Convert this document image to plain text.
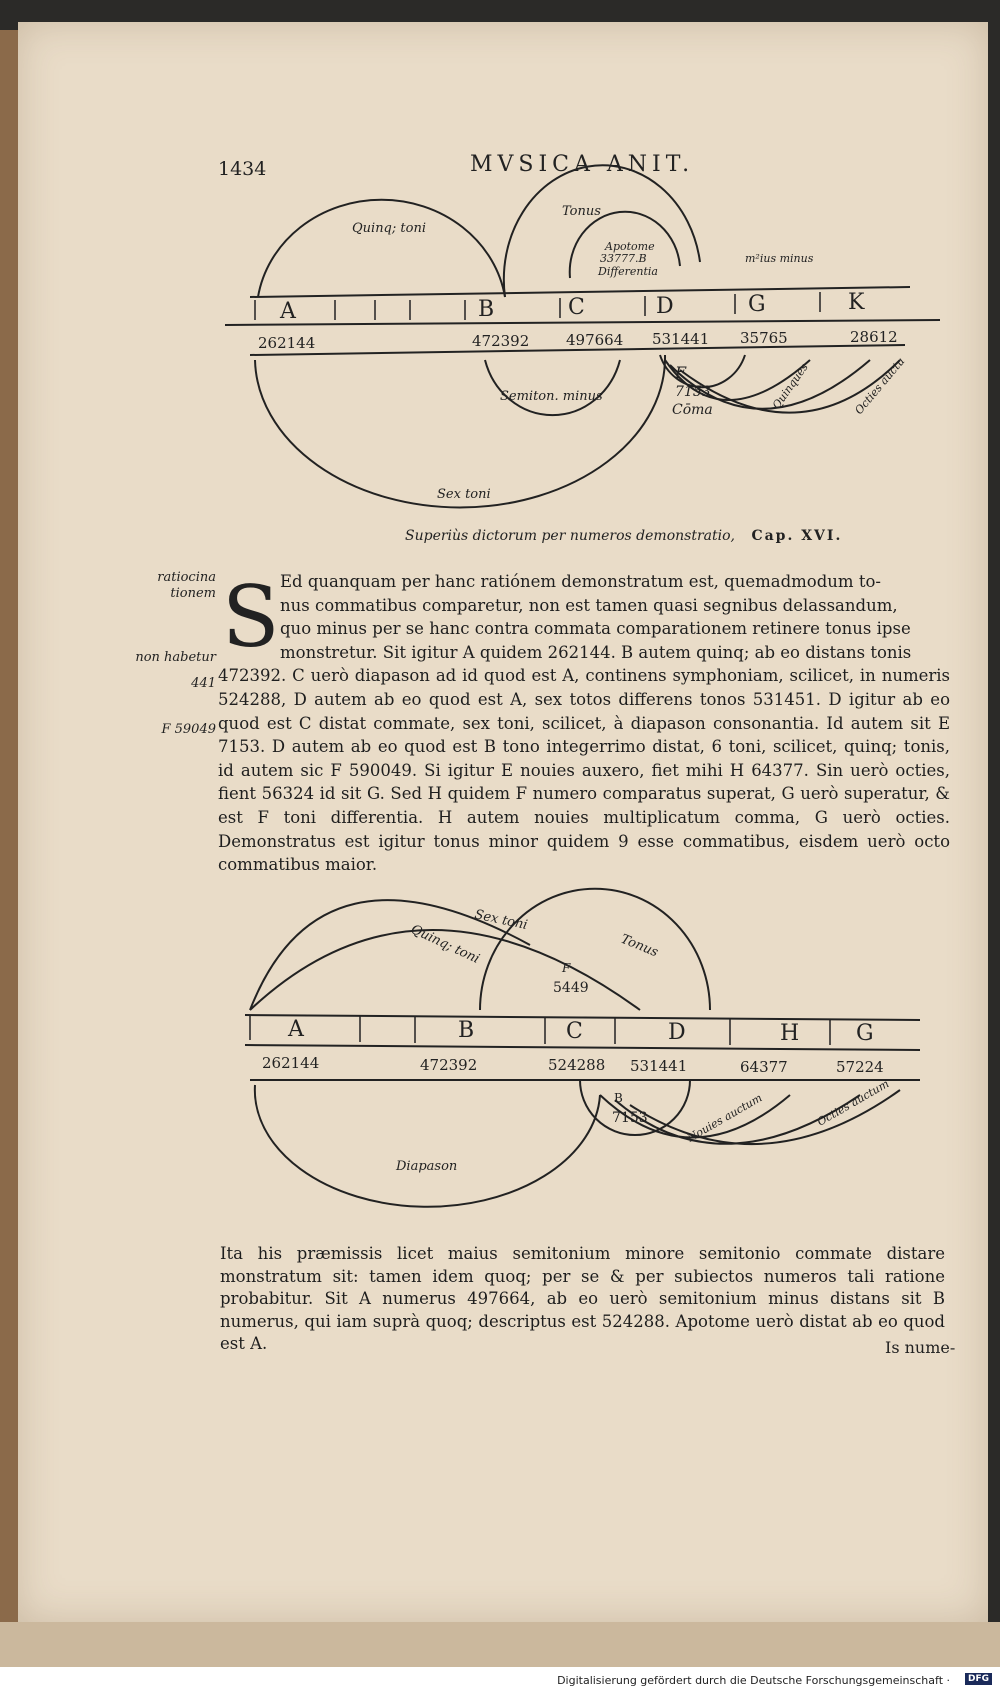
1434	MVSICA ANIT.
A	B	C	D	G	K
262144	472392 497664 531441 35765	28612
Quinq; toni
Tonus
Apotome
33777.B
Differentia
m²ius minus
Semiton. minus
F
7153
Cōma	Quinques	Octies auctu
Sex toni
Superiùs dictorum per numeros demonstratio, Cap. XVI.
ratiocina tionem
non habetur
441
F 59049
S Ed quanquam per hanc ratiónem demonstratum est, quemadmodum to-

nus commatibus comparetur, non est tamen quasi segnibus delassandum,

quo minus per se hanc contra commata comparationem retinere tonus ipse

monstretur. Sit igitur A quidem 262144. B autem quinq; ab eo distans tonis

472392. C uerò diapason ad id quod est A, continens symphoniam, scilicet, in numeris 524288, D autem ab eo quod est A, sex totos differens tonos 531451. D igitur ab eo quod est C distat commate, sex toni, scilicet, à diapason consonantia. Id autem sit E 7153. D autem ab eo quod est B tono integerrimo distat, 6 toni, scilicet, quinq; tonis, id autem sic F 590049. Si igitur E nouies auxero, fiet mihi H 64377. Sin uerò octies, fient 56324 id sit G. Sed H quidem F numero comparatus superat, G uerò superatur, & est F toni differentia. H autem nouies multiplicatum comma, G uerò octies. Demonstratus est igitur tonus minor quidem 9 esse commatibus, eisdem uerò octo commatibus maior.

A	B	C	D	H	G
262144	472392	524288 531441	64377	57224
Sex toni
Quinq; toni	Tonus
F
5449
B
7153	Nouies auctum	Octies auctum
Diapason
Ita his præmissis licet maius semitonium minore semitonio commate distare monstratum sit: tamen idem quoq; per se & per subiectos numeros tali ratione probabitur. Sit A numerus 497664, ab eo uerò semitonium minus distans sit B numerus, qui iam suprà quoq; descriptus est 524288. Apotome uerò distat ab eo quod est A.	Is nume-
Digitalisierung gefördert durch die Deutsche Forschungsgemeinschaft ·	DFG
